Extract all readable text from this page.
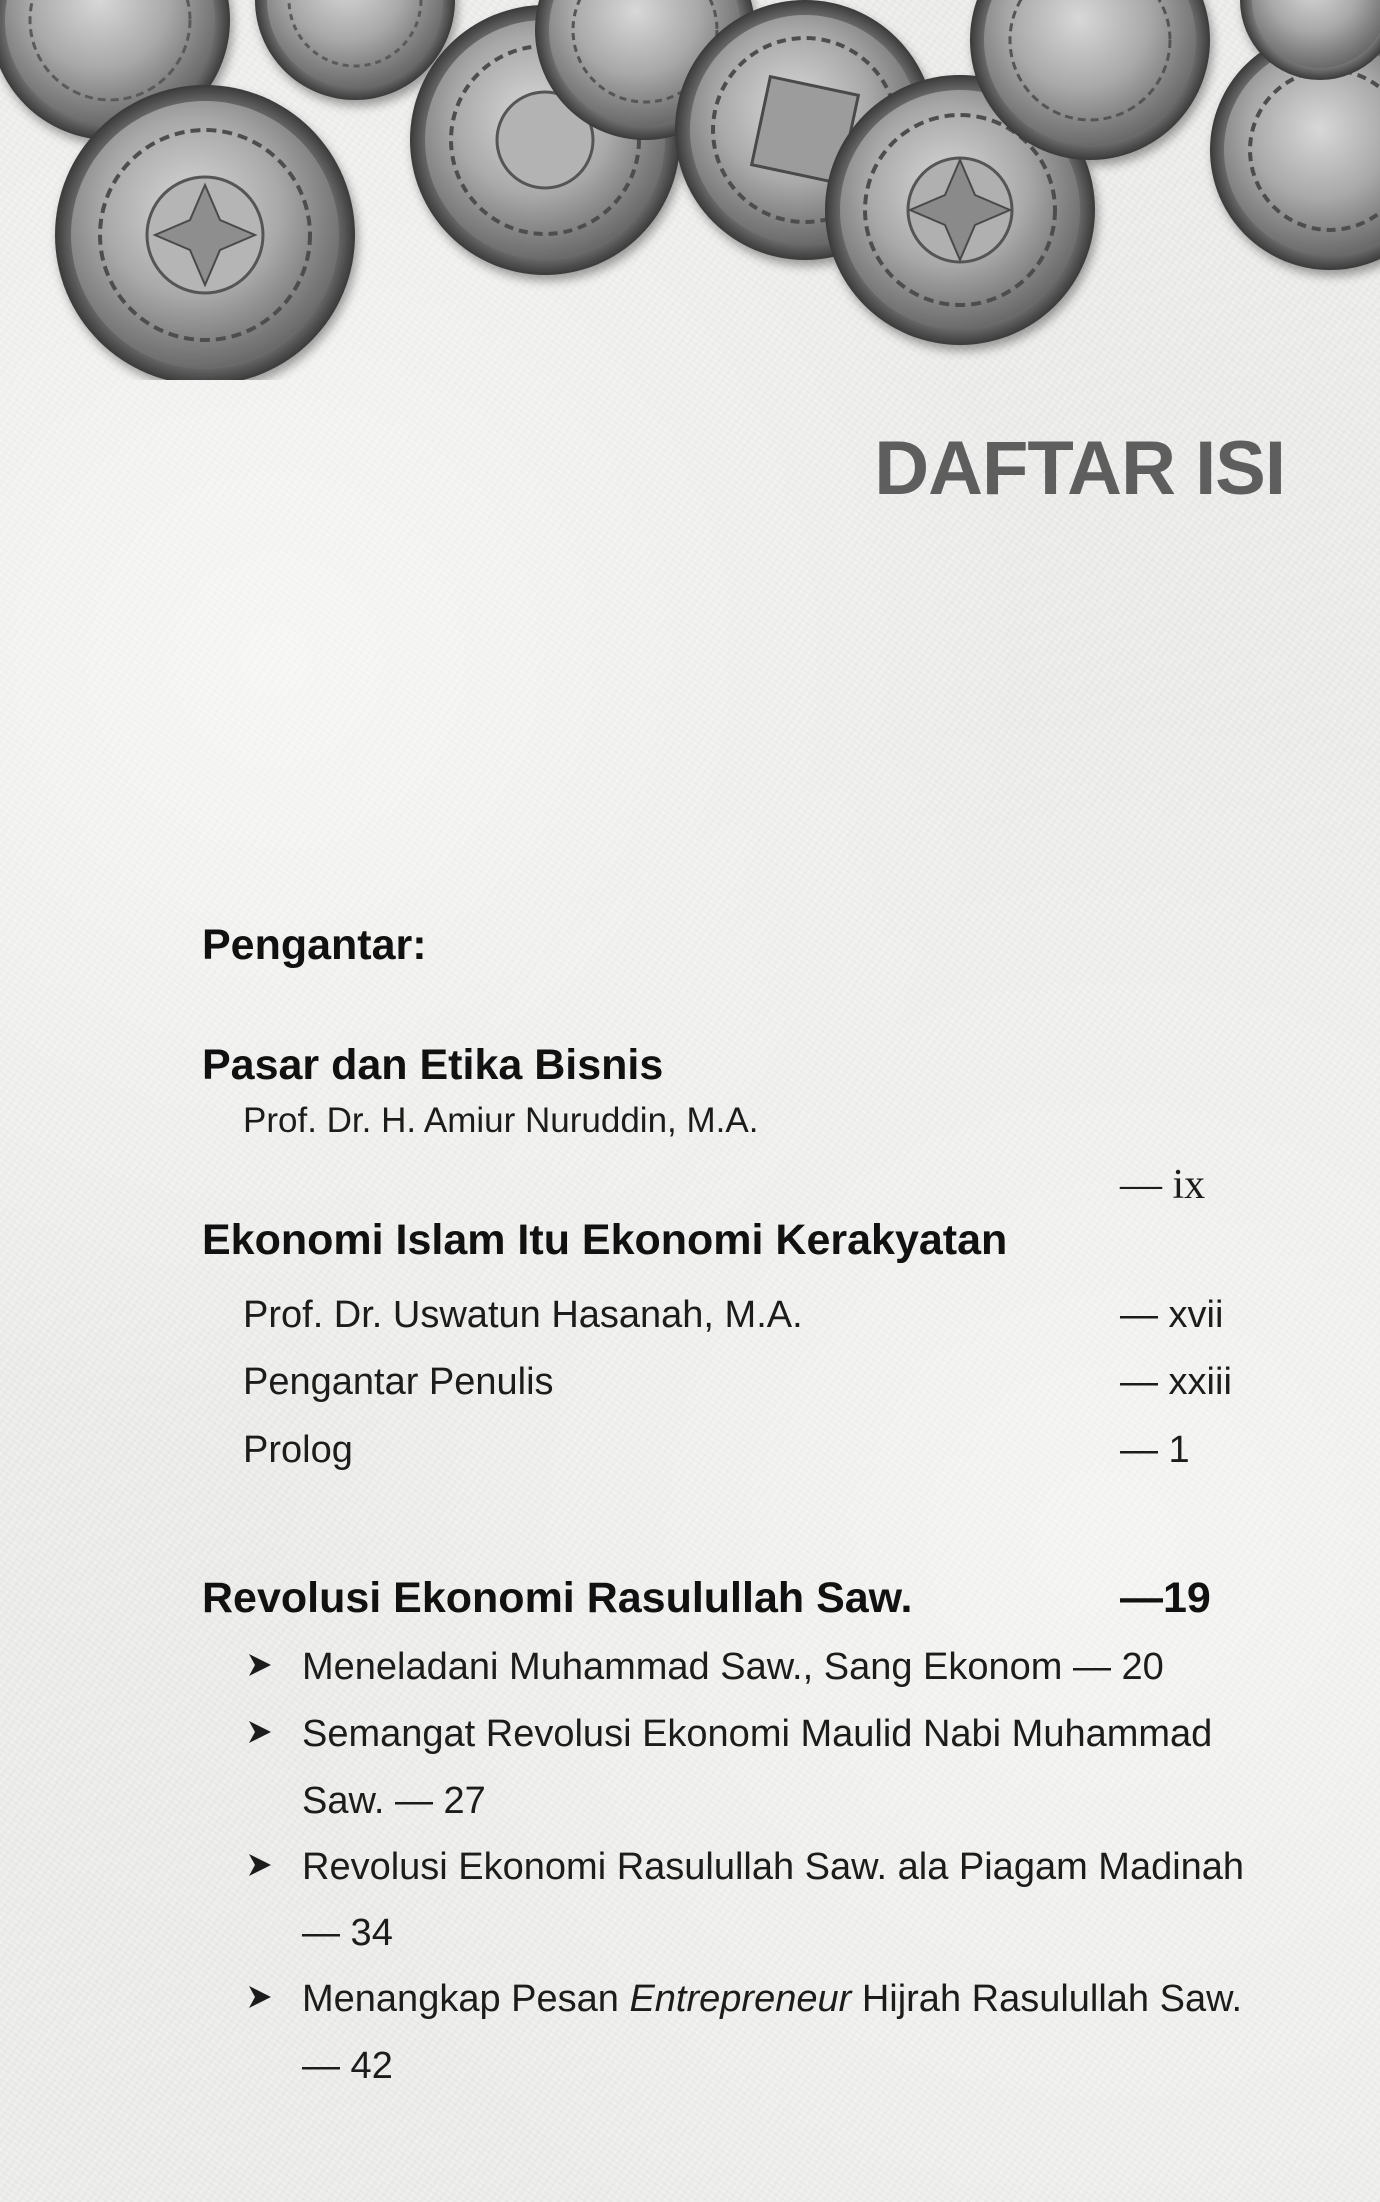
DAFTAR ISI
Pengantar:
Pasar dan Etika Bisnis
Prof. Dr. H. Amiur Nuruddin, M.A.
— ix
Ekonomi Islam Itu Ekonomi Kerakyatan
Prof. Dr. Uswatun Hasanah, M.A.	— xvii
Pengantar Penulis	— xxiii
Prolog	— 1
Revolusi Ekonomi Rasulullah Saw.	—19
Meneladani Muhammad Saw., Sang Ekonom — 20
Semangat Revolusi Ekonomi Maulid Nabi Muhammad
Saw. — 27
Revolusi Ekonomi Rasulullah Saw. ala Piagam Madinah
— 34
Menangkap Pesan Entrepreneur Hijrah Rasulullah Saw.
— 42
